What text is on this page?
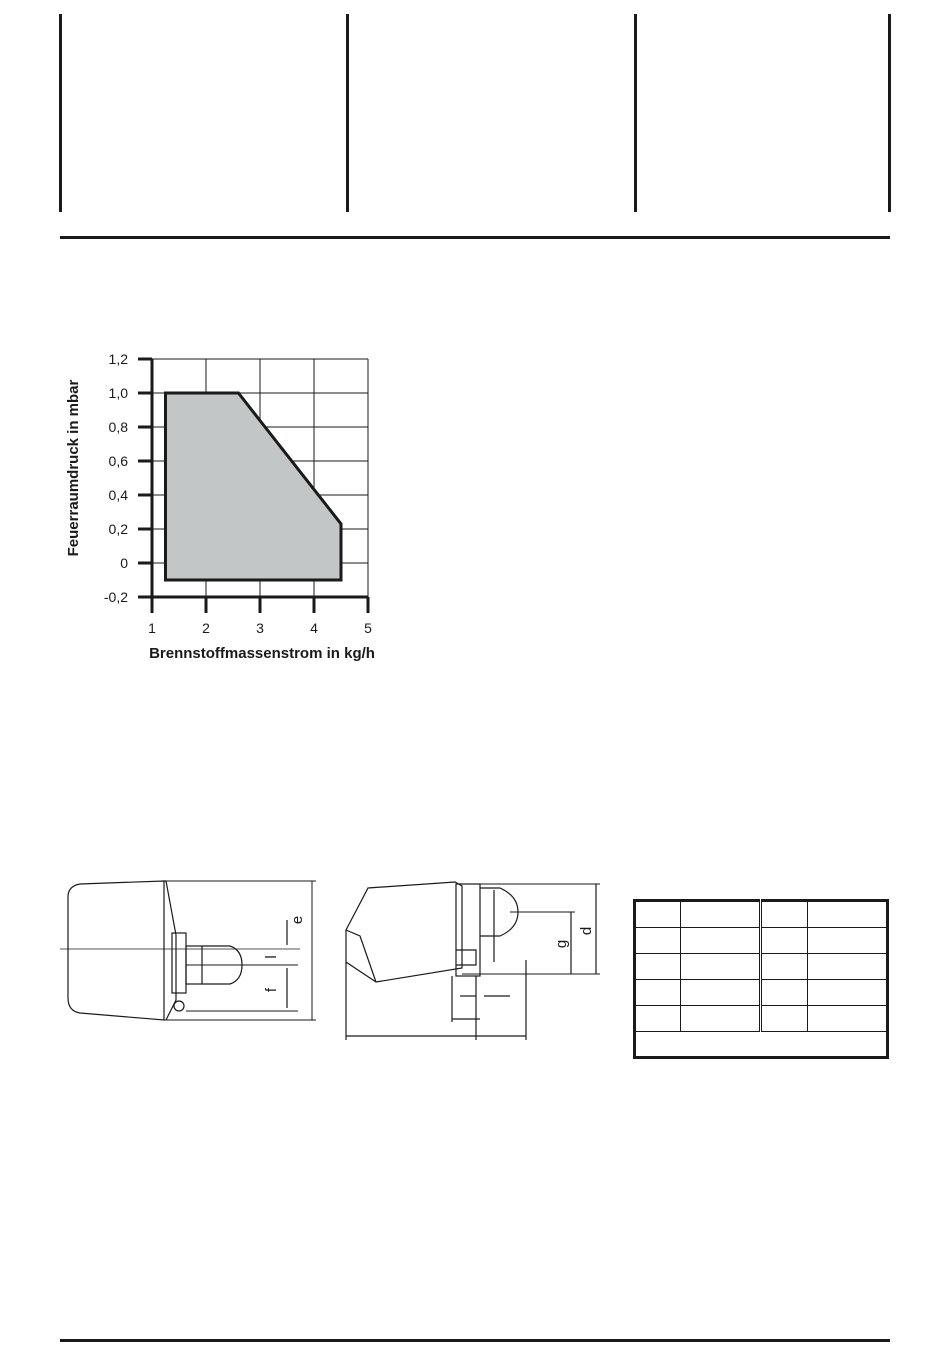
1	2	3	4	5
1,2
1,0
0,8
0,6
0,4
0,2
0
-0,2
Brennstoffmassenstrom in kg/h
Feuerraumdruck in mbar
e
l
f
g
d
